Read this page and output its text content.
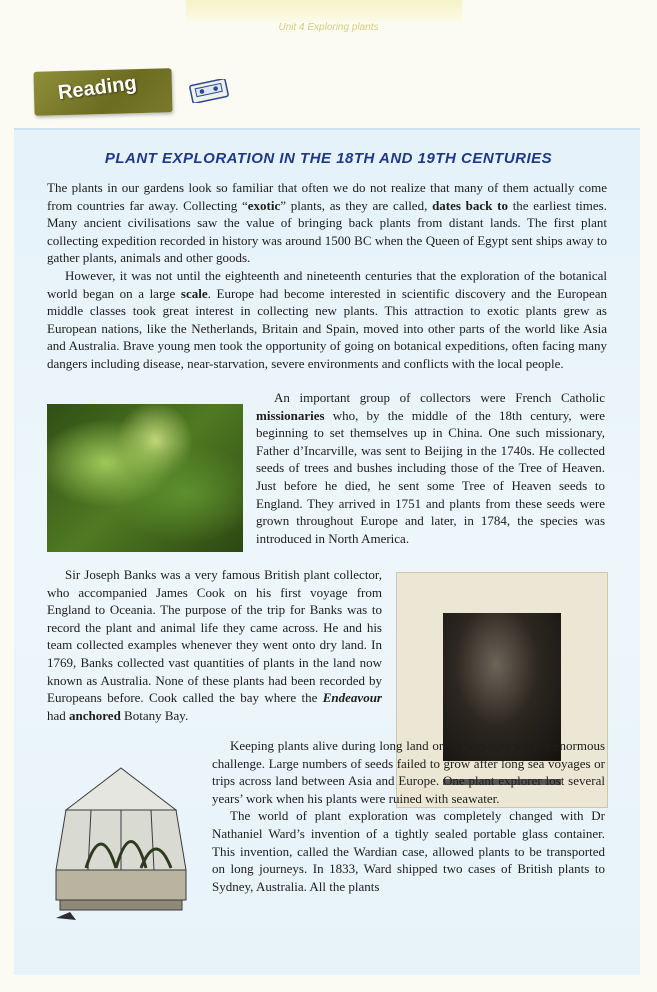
Unit 4 Exploring plants
Reading
PLANT EXPLORATION IN THE 18TH AND 19TH CENTURIES

The plants in our gardens look so familiar that often we do not realize that many of them actually come from countries far away. Collecting “exotic” plants, as they are called, dates back to the earliest times. Many ancient civilisations saw the value of bringing back plants from distant lands. The first plant collecting expedition recorded in history was around 1500 BC when the Queen of Egypt sent ships away to gather plants, animals and other goods.

However, it was not until the eighteenth and nineteenth centuries that the exploration of the botanical world began on a large scale. Europe had become interested in scientific discovery and the European middle classes took great interest in collecting new plants. This attraction to exotic plants grew as European nations, like the Netherlands, Britain and Spain, moved into other parts of the world like Asia and Australia. Brave young men took the opportunity of going on botanical expeditions, often facing many dangers including disease, near-starvation, severe environments and conflicts with the local people.

An important group of collectors were French Catholic missionaries who, by the middle of the 18th century, were beginning to set themselves up in China. One such missionary, Father d’Incarville, was sent to Beijing in the 1740s. He collected seeds of trees and bushes including those of the Tree of Heaven. Just before he died, he sent some Tree of Heaven seeds to England. They arrived in 1751 and plants from these seeds were grown throughout Europe and later, in 1784, the species was introduced in North America.

Sir Joseph Banks was a very famous British plant collector, who accompanied James Cook on his first voyage from England to Oceania. The purpose of the trip for Banks was to record the plant and animal life they came across. He and his team collected examples whenever they went onto dry land. In 1769, Banks collected vast quantities of plants in the land now known as Australia. None of these plants had been recorded by Europeans before. Cook called the bay where the Endeavour had anchored Botany Bay.

Keeping plants alive during long land or sea voyages was an enormous challenge. Large numbers of seeds failed to grow after long sea voyages or trips across land between Asia and Europe. One plant explorer lost several years’ work when his plants were ruined with seawater.

The world of plant exploration was completely changed with Dr Nathaniel Ward’s invention of a tightly sealed portable glass container. This invention, called the Wardian case, allowed plants to be transported on long journeys. In 1833, Ward shipped two cases of British plants to Sydney, Australia. All the plants
